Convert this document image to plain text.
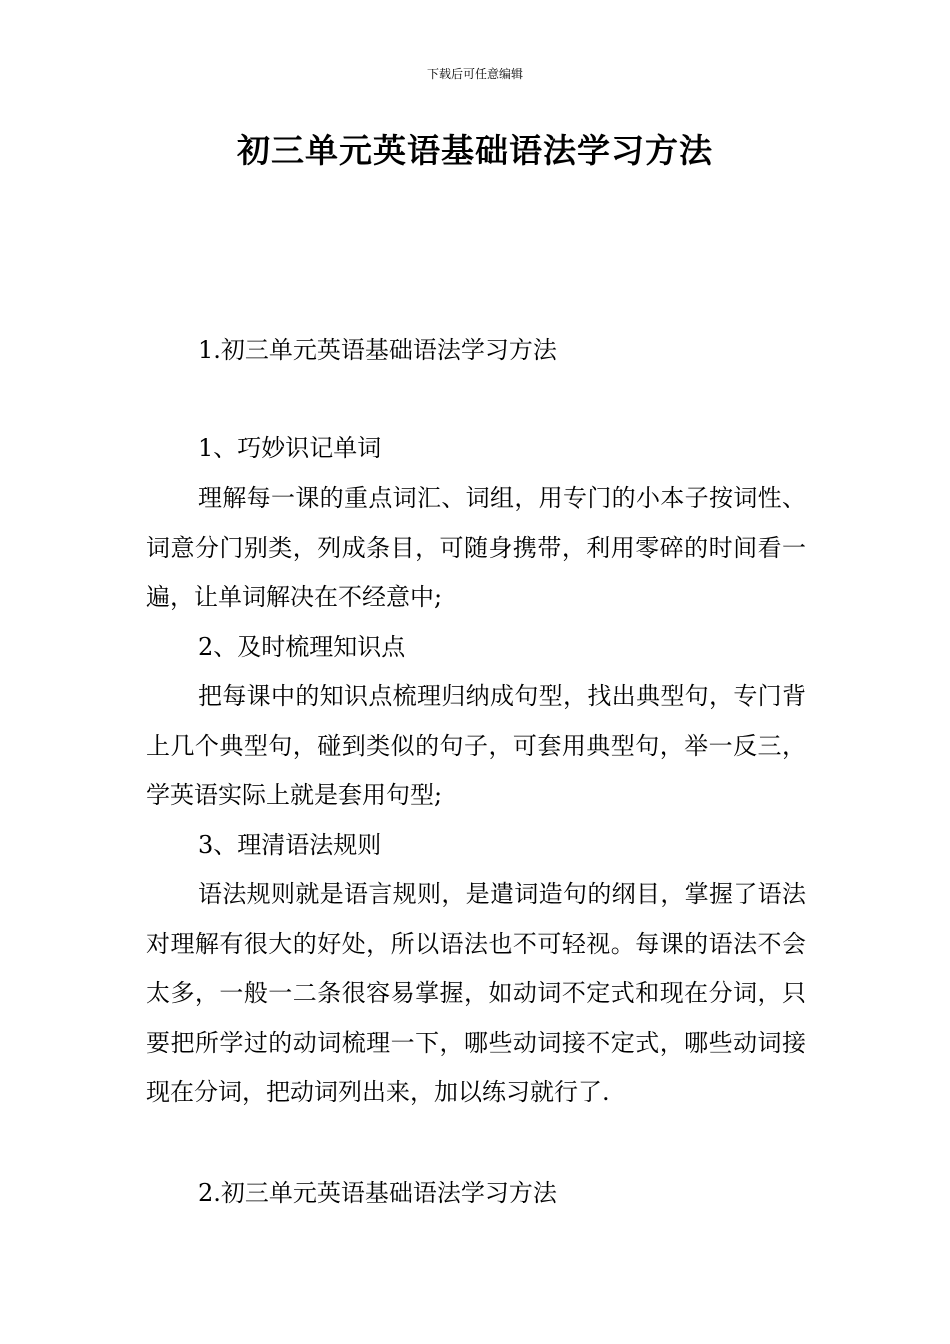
下载后可任意编辑
初三单元英语基础语法学习方法

1.初三单元英语基础语法学习方法

1、巧妙识记单词

理解每一课的重点词汇、词组，用专门的小本子按词性、词意分门别类，列成条目，可随身携带，利用零碎的时间看一遍，让单词解决在不经意中;

2、及时梳理知识点

把每课中的知识点梳理归纳成句型，找出典型句，专门背上几个典型句，碰到类似的句子，可套用典型句，举一反三，学英语实际上就是套用句型;

3、理清语法规则

语法规则就是语言规则，是遣词造句的纲目，掌握了语法对理解有很大的好处，所以语法也不可轻视。每课的语法不会太多，一般一二条很容易掌握，如动词不定式和现在分词，只要把所学过的动词梳理一下，哪些动词接不定式，哪些动词接现在分词，把动词列出来，加以练习就行了.

2.初三单元英语基础语法学习方法
